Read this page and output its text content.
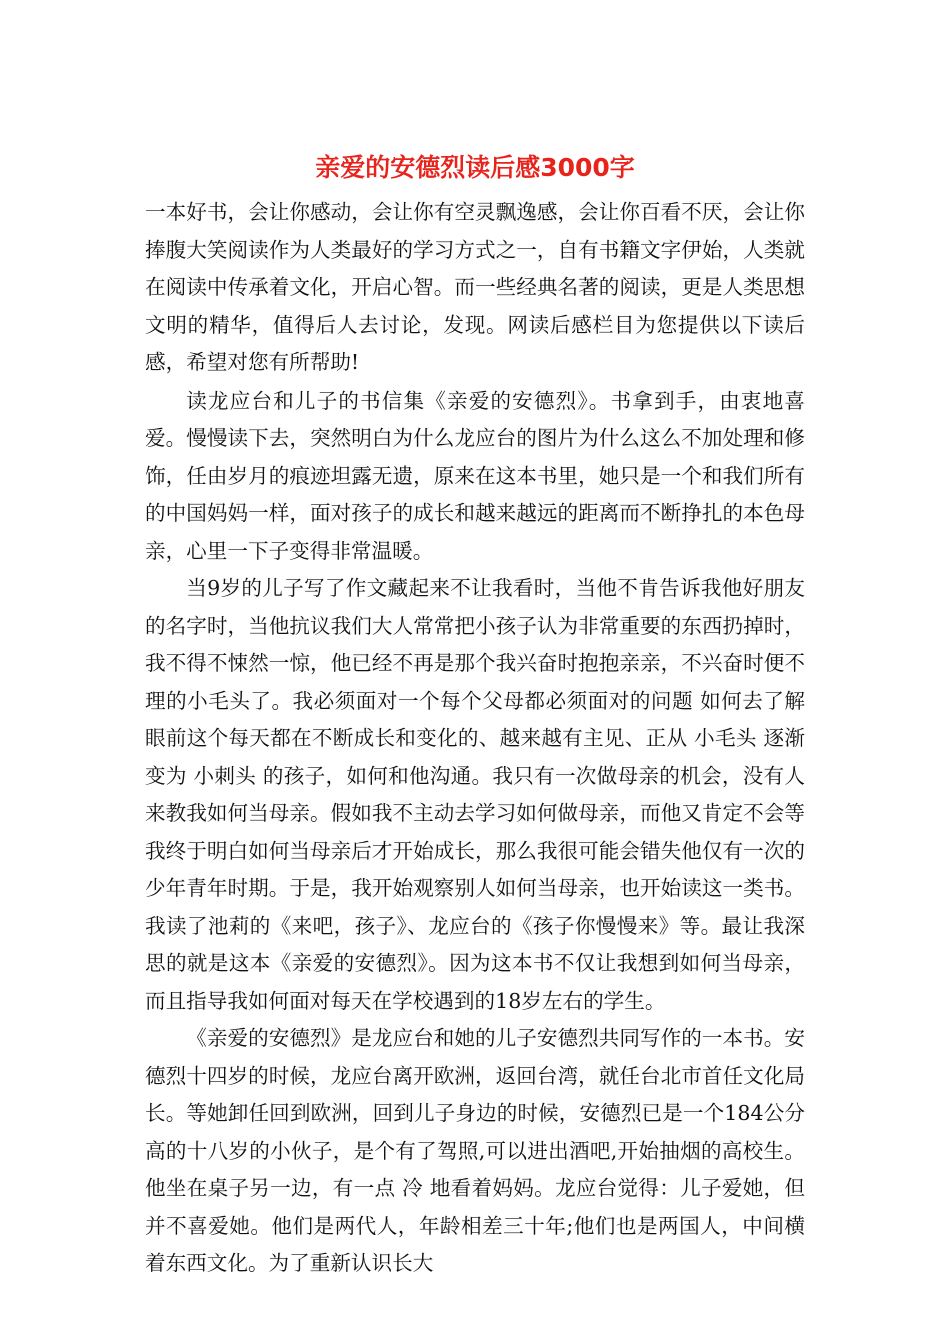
亲爱的安德烈读后感3000字

一本好书，会让你感动，会让你有空灵飘逸感，会让你百看不厌，会让你捧腹大笑阅读作为人类最好的学习方式之一，自有书籍文字伊始，人类就在阅读中传承着文化，开启心智。而一些经典名著的阅读，更是人类思想文明的精华，值得后人去讨论，发现。网读后感栏目为您提供以下读后感，希望对您有所帮助!

读龙应台和儿子的书信集《亲爱的安德烈》。书拿到手，由衷地喜爱。慢慢读下去，突然明白为什么龙应台的图片为什么这么不加处理和修饰，任由岁月的痕迹坦露无遗，原来在这本书里，她只是一个和我们所有的中国妈妈一样，面对孩子的成长和越来越远的距离而不断挣扎的本色母亲，心里一下子变得非常温暖。

当9岁的儿子写了作文藏起来不让我看时，当他不肯告诉我他好朋友的名字时，当他抗议我们大人常常把小孩子认为非常重要的东西扔掉时，我不得不悚然一惊，他已经不再是那个我兴奋时抱抱亲亲，不兴奋时便不理的小毛头了。我必须面对一个每个父母都必须面对的问题 如何去了解眼前这个每天都在不断成长和变化的、越来越有主见、正从 小毛头 逐渐变为 小刺头 的孩子，如何和他沟通。我只有一次做母亲的机会，没有人来教我如何当母亲。假如我不主动去学习如何做母亲，而他又肯定不会等我终于明白如何当母亲后才开始成长，那么我很可能会错失他仅有一次的少年青年时期。于是，我开始观察别人如何当母亲，也开始读这一类书。我读了池莉的《来吧，孩子》、龙应台的《孩子你慢慢来》等。最让我深思的就是这本《亲爱的安德烈》。因为这本书不仅让我想到如何当母亲，而且指导我如何面对每天在学校遇到的18岁左右的学生。

《亲爱的安德烈》是龙应台和她的儿子安德烈共同写作的一本书。安德烈十四岁的时候，龙应台离开欧洲，返回台湾，就任台北市首任文化局长。等她卸任回到欧洲，回到儿子身边的时候，安德烈已是一个184公分高的十八岁的小伙子，是个有了驾照,可以进出酒吧,开始抽烟的高校生。他坐在桌子另一边，有一点 冷 地看着妈妈。龙应台觉得：儿子爱她，但并不喜爱她。他们是两代人，年龄相差三十年;他们也是两国人，中间横着东西文化。为了重新认识长大
